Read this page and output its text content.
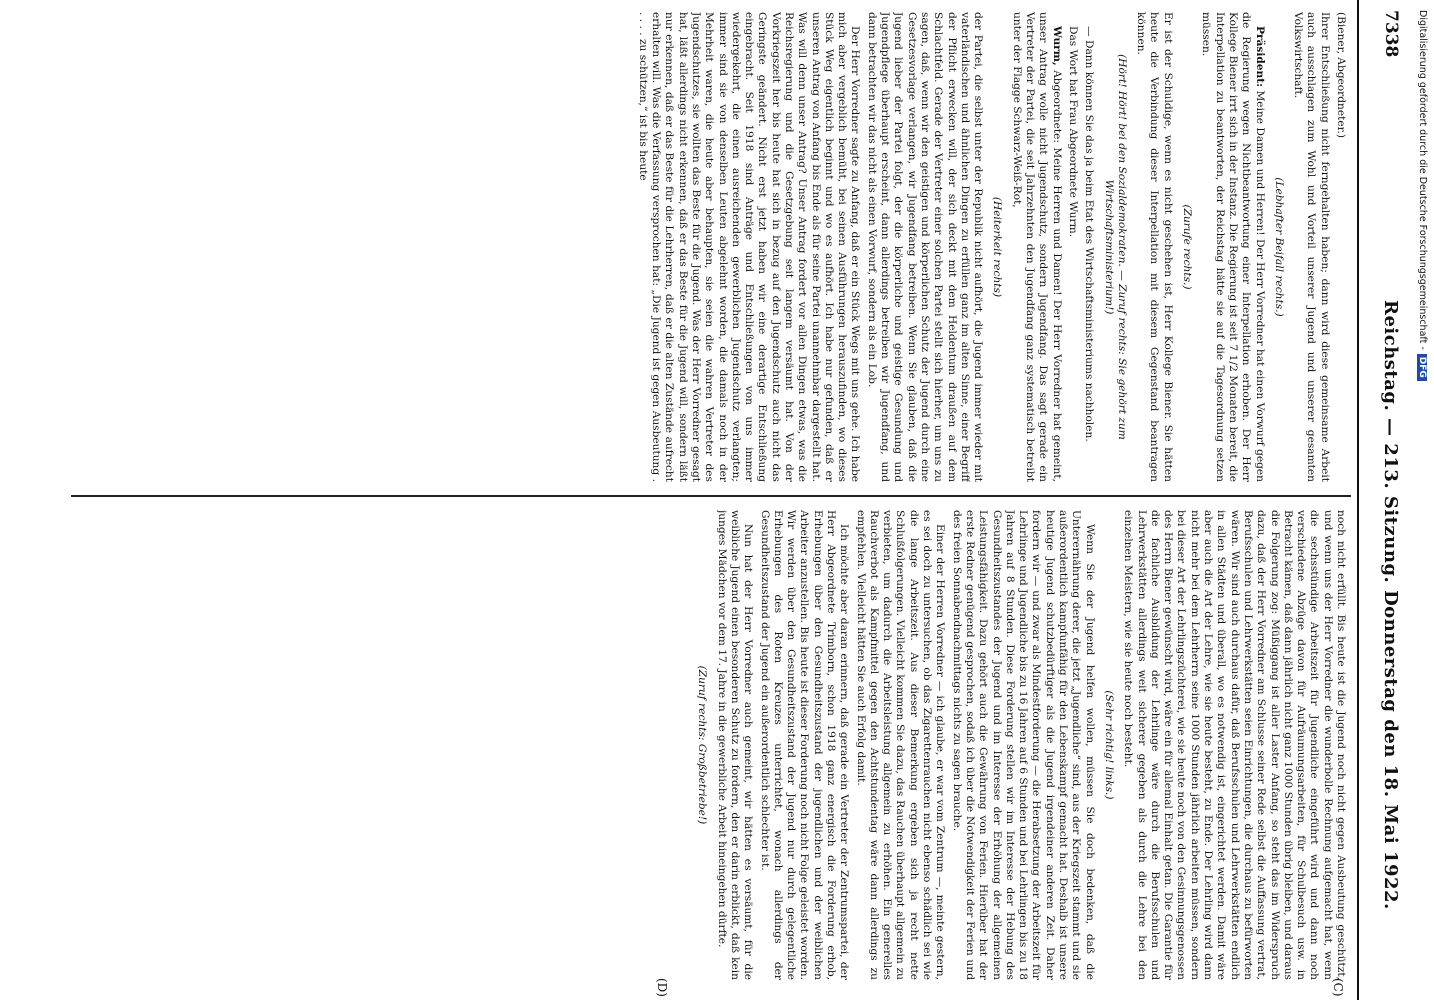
7338
Reichstag. — 213. Sitzung. Donnerstag den 18. Mai 1922.
(C)
(D)

(Biener, Abgeordneter.)

Ihrer Entschließung nicht ferngehalten haben; dann wird diese gemeinsame Arbeit auch ausschlagen zum Wohl und Vorteil unserer Jugend und unserer gesamten Volkswirtschaft.

(Lebhafter Beifall rechts.)

Präsident: Meine Damen und Herren! Der Herr Vorredner hat einen Vorwurf gegen die Regierung wegen Nichtbeantwortung einer Interpellation erhoben. Der Herr Kollege Biener irrt sich in der Instanz. Die Regierung ist seit 7 1/2 Monaten bereit, die Interpellation zu beantworten, der Reichstag hätte sie auf die Tagesordnung setzen müssen.

(Zurufe rechts.)

Er ist der Schuldige, wenn es nicht geschehen ist, Herr Kollege Biener. Sie hätten heute die Verbindung dieser Interpellation mit diesem Gegenstand beantragen können.

(Hört! Hört! bei den Sozialdemokraten. — Zuruf rechts: Sie gehört zum Wirtschaftsministerium!)

— Dann können Sie das ja beim Etat des Wirtschaftsministeriums nachholen.

Das Wort hat Frau Abgeordnete Wurm.

Wurm, Abgeordnete: Meine Herren und Damen! Der Herr Vorredner hat gemeint, unser Antrag wolle nicht Jugendschutz, sondern Jugendfang. Das sagt gerade ein Vertreter der Partei, die seit Jahrzehnten den Jugendfang ganz systematisch betreibt unter der Flagge Schwarz-Weiß-Rot,

(Heiterkeit rechts)

der Partei, die selbst unter der Republik nicht aufhört, die Jugend immer wieder mit vaterländischen und ähnlichen Dingen zu erfüllen ganz im alten Sinne, einer Begriff der Pflicht erwecken will, der sich deckt mit dem Heldentum draußen auf dem Schlachtfeld. Gerade der Vertreter einer solchen Partei stellt sich hierher, um uns zu sagen, daß, wenn wir den geistigen und körperlichen Schutz der Jugend durch eine Gesetzesvorlage verlangen, wir Jugendfang betreiben. Wenn Sie glauben, daß die Jugend lieber der Partei folgt, der die körperliche und geistige Gesundung und Jugendpflege überhaupt erscheint, dann allerdings betreiben wir Jugendfang, und dann betrachten wir das nicht als einen Vorwurf, sondern als ein Lob.

Der Herr Vorredner sagte zu Anfang, daß er ein Stück Wegs mit uns gehe. Ich habe mich aber vergeblich bemüht, bei seinen Ausführungen herauszufinden, wo dieses Stück Weg eigentlich beginnt und wo es aufhört. Ich habe nur gefunden, daß er unseren Antrag von Anfang bis Ende als für seine Partei unannehmbar dargestellt hat. Was will denn unser Antrag? Unser Antrag fordert vor allen Dingen etwas, was die Reichsregierung und die Gesetzgebung seit langem versäumt hat. Von der Vorkriegszeit her bis heute hat sich in bezug auf den Jugendschutz auch nicht das Geringste geändert. Nicht erst jetzt haben wir eine derartige Entschließung eingebracht. Seit 1918 sind Anträge und Entschließungen von uns immer wiedergekehrt, die einen ausreichenden gewerblichen Jugendschutz verlangten; immer sind sie von denselben Leuten abgelehnt worden, die damals noch in der Mehrheit waren, die heute aber behaupten, sie seien die wahren Vertreter des Jugendschutzes, sie wollten das Beste für die Jugend. Was der Herr Vorredner gesagt hat, läßt allerdings nicht erkennen, daß er das Beste für die Jugend will, sondern läßt nur erkennen, daß er das Beste für die Lehrherren, daß er die alten Zustände aufrecht erhalten will. Was die Verfassung versprochen hat: „Die Jugend ist gegen Ausbeutung . . . . . zu schützen,“ ist bis heute

noch nicht erfüllt. Bis heute ist die Jugend noch nicht gegen Ausbeutung geschützt, und wenn uns der Herr Vorredner die wunderbolle Rechnung aufgemacht hat, wenn die sechsstündige Arbeitszeit für Jugendliche eingeführt wird und dann noch verschiedene Abzüge davon für Aufräumungsarbeiten, für Schulbesuch usw. in Betracht kämen, daß dann jährlich nicht ganz 1000 Stunden übrig bleiben, und daraus die Folgerung zog: Müßiggang ist aller Laster Anfang, so steht das im Widerspruch dazu, daß der Herr Vorredner am Schlusse seiner Rede selbst die Auffassung vertrat, Berufsschulen und Lehrwerkstätten seien Einrichtungen, die durchaus zu befürworten wären. Wir sind auch durchaus dafür, daß Berufsschulen und Lehrwerkstätten endlich in allen Städten und überall, wo es notwendig ist, eingerichtet werden. Damit wäre aber auch die Art der Lehre, wie sie heute besteht, zu Ende. Der Lehrling wird dann nicht mehr bei dem Lehrherrn seine 1000 Stunden jährlich arbeiten müssen, sondern bei dieser Art der Lehrlingszüchterei, wie sie heute noch von den Gesinnungsgenossen des Herrn Biener gewünscht wird, wäre ein für allemal Einhalt getan. Die Garantie für die fachliche Ausbildung der Lehrlinge wäre durch die Berufsschulen und Lehrwerkstätten allerdings weit sicherer gegeben als durch die Lehre bei den einzelnen Meistern, wie sie heute noch besteht.

(Sehr richtig! links.)

Wenn Sie der Jugend helfen wollen, müssen Sie doch bedenken, daß die Unterernährung derer, die jetzt „Jugendliche“ sind, aus der Kriegszeit stammt und sie außerordentlich kampfunfähig für den Lebenskampf gemacht hat. Deshalb ist unsere heutige Jugend schutzbedürftiger als die Jugend irgendeiner anderen Zeit. Daher fordern wir — und zwar als Mindestforderung — die Herabsetzung der Arbeitszeit für Lehrlinge und Jugendliche bis zu 16 Jahren auf 6 Stunden und bei Lehrlingen bis zu 18 Jahren auf 8 Stunden. Diese Forderung stellen wir im Interesse der Hebung des Gesundheitszustandes der Jugend und im Interesse der Erhöhung der allgemeinen Leistungsfähigkeit. Dazu gehört auch die Gewährung von Ferien. Hierüber hat der erste Redner genügend gesprochen, sodaß ich über die Notwendigkeit der Ferien und des freien Sonnabendnachmittags nichts zu sagen brauche.

Einer der Herren Vorredner — ich glaube, er war vom Zentrum —, meinte gestern, es sei doch zu untersuchen, ob das Zigarettenrauchen nicht ebenso schädlich sei wie die lange Arbeitszeit. Aus dieser Bemerkung ergeben sich ja recht nette Schlußfolgerungen. Vielleicht kommen Sie dazu, das Rauchen überhaupt allgemein zu verbieten, um dadurch die Arbeitsleistung allgemein zu erhöhen. Ein generelles Rauchverbot als Kampfmittel gegen den Achtstundentag wäre dann allerdings zu empfehlen. Vielleicht hätten Sie auch Erfolg damit.

Ich möchte aber daran erinnern, daß gerade ein Vertreter der Zentrumspartei, der Herr Abgeordnete Trimborn, schon 1918 ganz energisch die Forderung erhob, Erhebungen über den Gesundheitszustand der jugendlichen und der weiblichen Arbeiter anzustellen. Bis heute ist dieser Forderung noch nicht Folge geleistet worden. Wir werden über den Gesundheitszustand der Jugend nur durch gelegentliche Erhebungen des Roten Kreuzes unterrichtet, wonach allerdings der Gesundheitszustand der Jugend ein außerordentlich schlechter ist.

Nun hat der Herr Vorredner auch gemeint, wir hätten es versäumt, für die weibliche Jugend einen besonderen Schutz zu fordern, den er darin erblickt, daß kein junges Mädchen vor dem 17. Jahre in die gewerbliche Arbeit hineingehen dürfte.

(Zuruf rechts: Großbetriebe!)

Digitalisierung gefördert durch die Deutsche Forschungsgemeinschaft -DFG
